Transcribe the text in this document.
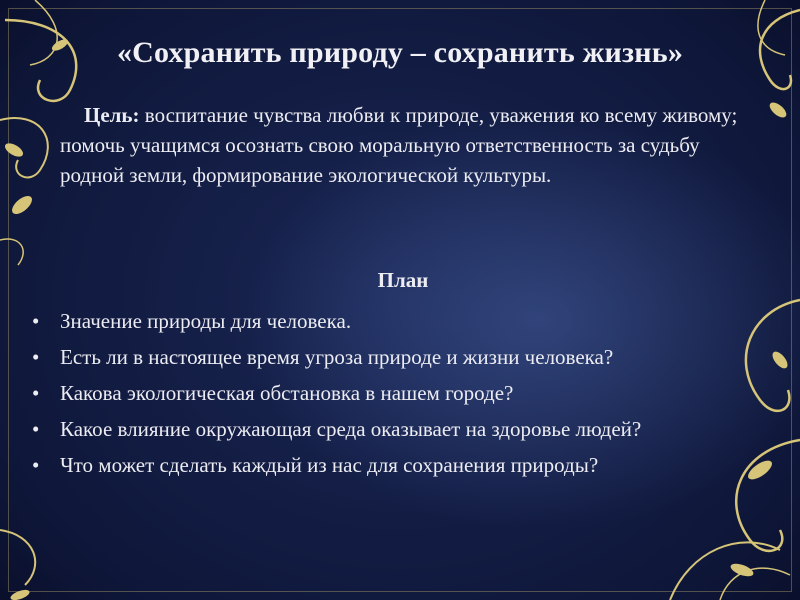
«Сохранить природу – сохранить жизнь»
Цель: воспитание чувства любви к природе, уважения ко всему живому; помочь учащимся осознать свою моральную ответственность за судьбу родной земли, формирование экологической культуры.
План
• Значение природы для человека.
• Есть ли в настоящее время угроза природе и жизни человека?
• Какова экологическая обстановка в нашем городе?
• Какое влияние окружающая среда оказывает на здоровье людей?
• Что может сделать каждый из нас для сохранения природы?
